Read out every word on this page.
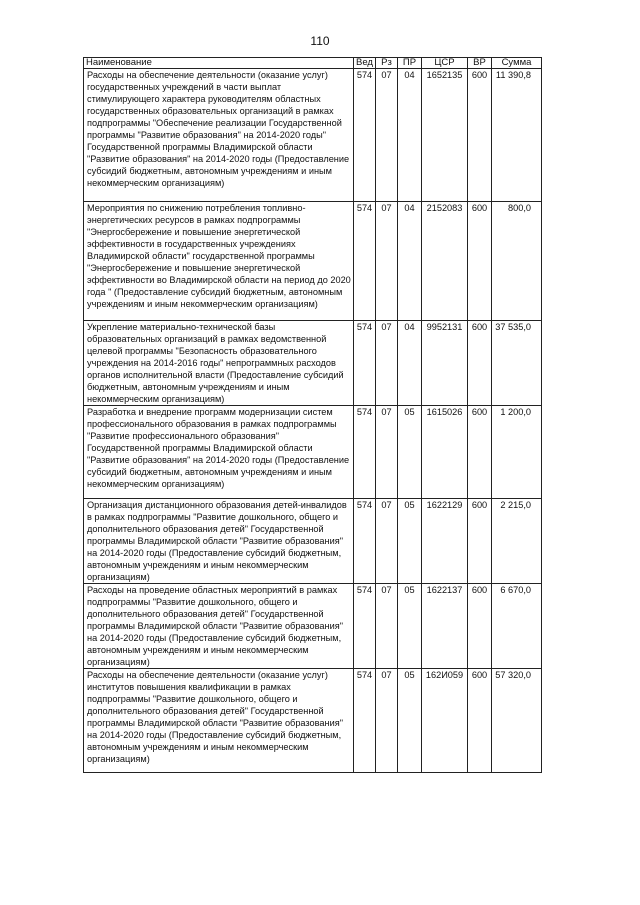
110
Наименование	Вед	Рз	ПР	ЦСР	ВР	Сумма
Расходы на обеспечение деятельности (оказание услуг) государственных учреждений в части выплат стимулирующего характера руководителям областных государственных образовательных организаций в рамках подпрограммы "Обеспечение реализации Государственной программы "Развитие образования" на 2014-2020 годы" Государственной программы Владимирской области "Развитие образования" на 2014-2020 годы (Предоставление субсидий бюджетным, автономным учреждениям и иным некоммерческим организациям)	574	07	04	1652135	600	11 390,8
Мероприятия по снижению потребления топливно-энергетических ресурсов в рамках подпрограммы "Энергосбережение и повышение энергетической эффективности в государственных учреждениях Владимирской области" государственной программы "Энергосбережение и повышение энергетической эффективности во Владимирской области на период до 2020 года " (Предоставление субсидий бюджетным, автономным учреждениям и иным некоммерческим организациям)	574	07	04	2152083	600	800,0
Укрепление материально-технической базы образовательных организаций в рамках ведомственной целевой программы "Безопасность образовательного учреждения на 2014-2016 годы" непрограммных расходов органов исполнительной власти (Предоставление субсидий бюджетным, автономным учреждениям и иным некоммерческим организациям)	574	07	04	9952131	600	37 535,0
Разработка и внедрение программ модернизации систем профессионального образования в рамках подпрограммы "Развитие профессионального образования" Государственной программы Владимирской области "Развитие образования" на 2014-2020 годы (Предоставление субсидий бюджетным, автономным учреждениям и иным некоммерческим организациям)	574	07	05	1615026	600	1 200,0
Организация дистанционного образования детей-инвалидов в рамках подпрограммы "Развитие дошкольного, общего и дополнительного образования детей" Государственной программы Владимирской области "Развитие образования" на 2014-2020 годы (Предоставление субсидий бюджетным, автономным учреждениям и иным некоммерческим организациям)	574	07	05	1622129	600	2 215,0
Расходы на проведение областных мероприятий в рамках подпрограммы "Развитие дошкольного, общего и дополнительного образования детей" Государственной программы Владимирской области "Развитие образования" на 2014-2020 годы (Предоставление субсидий бюджетным, автономным учреждениям и иным некоммерческим организациям)	574	07	05	1622137	600	6 670,0
Расходы на обеспечение деятельности (оказание услуг) институтов повышения квалификации в рамках подпрограммы "Развитие дошкольного, общего и дополнительного образования детей" Государственной программы Владимирской области "Развитие образования" на 2014-2020 годы (Предоставление субсидий бюджетным, автономным учреждениям и иным некоммерческим организациям)	574	07	05	162И059	600	57 320,0
